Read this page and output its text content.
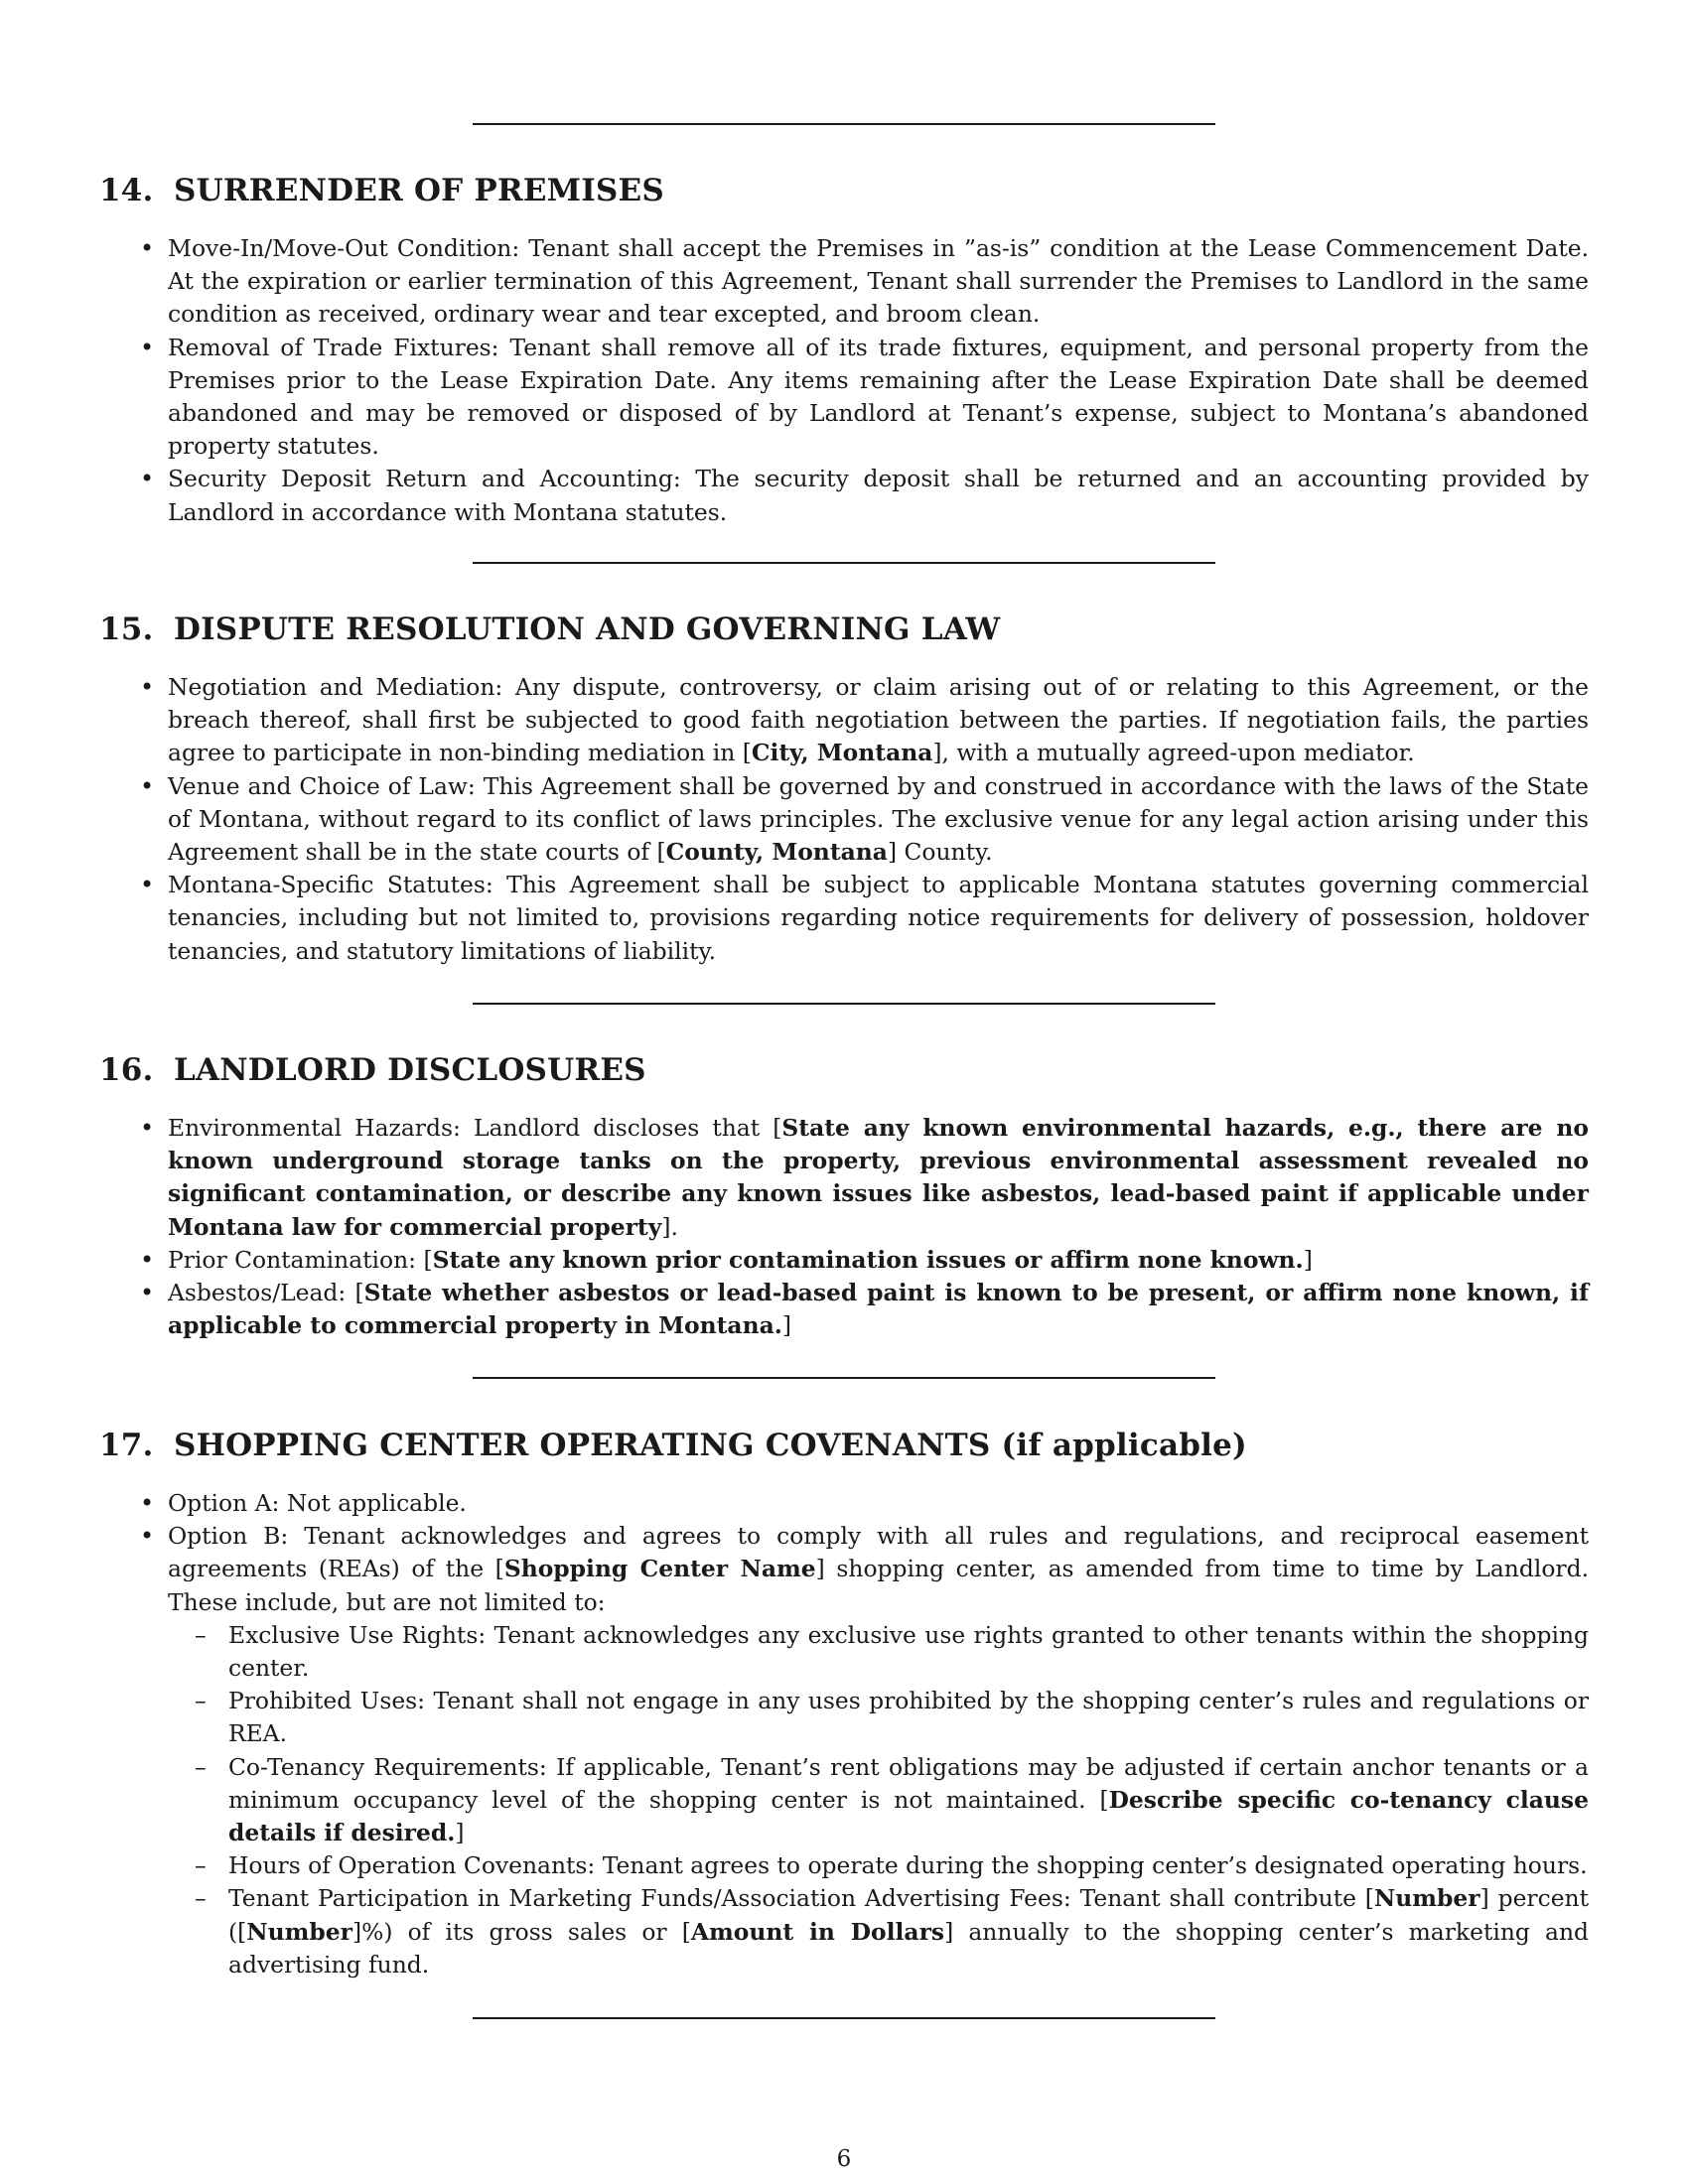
14. SURRENDER OF PREMISES
• Move-In/Move-Out Condition: Tenant shall accept the Premises in ”as-is” condition at the Lease Commencement Date. At the expiration or earlier termination of this Agreement, Tenant shall surrender the Premises to Landlord in the same condition as received, ordinary wear and tear excepted, and broom clean.
• Removal of Trade Fixtures: Tenant shall remove all of its trade fixtures, equipment, and personal property from the Premises prior to the Lease Expiration Date. Any items remaining after the Lease Expiration Date shall be deemed abandoned and may be removed or disposed of by Landlord at Tenant’s expense, subject to Montana’s abandoned property statutes.
• Security Deposit Return and Accounting: The security deposit shall be returned and an accounting provided by Landlord in accordance with Montana statutes.
15. DISPUTE RESOLUTION AND GOVERNING LAW
• Negotiation and Mediation: Any dispute, controversy, or claim arising out of or relating to this Agreement, or the breach thereof, shall first be subjected to good faith negotiation between the parties. If negotiation fails, the parties agree to participate in non-binding mediation in [City, Montana], with a mutually agreed-upon mediator.
• Venue and Choice of Law: This Agreement shall be governed by and construed in accordance with the laws of the State of Montana, without regard to its conflict of laws principles. The exclusive venue for any legal action arising under this Agreement shall be in the state courts of [County, Montana] County.
• Montana-Specific Statutes: This Agreement shall be subject to applicable Montana statutes governing commercial tenancies, including but not limited to, provisions regarding notice requirements for delivery of possession, holdover tenancies, and statutory limitations of liability.
16. LANDLORD DISCLOSURES
• Environmental Hazards: Landlord discloses that [State any known environmental hazards, e.g., there are no known underground storage tanks on the property, previous environmental assessment revealed no significant contamination, or describe any known issues like asbestos, lead-based paint if applicable under Montana law for commercial property].
• Prior Contamination: [State any known prior contamination issues or affirm none known.]
• Asbestos/Lead: [State whether asbestos or lead-based paint is known to be present, or affirm none known, if applicable to commercial property in Montana.]
17. SHOPPING CENTER OPERATING COVENANTS (if applicable)
• Option A: Not applicable.
• Option B: Tenant acknowledges and agrees to comply with all rules and regulations, and reciprocal easement agreements (REAs) of the [Shopping Center Name] shopping center, as amended from time to time by Landlord. These include, but are not limited to:
– Exclusive Use Rights: Tenant acknowledges any exclusive use rights granted to other tenants within the shopping center.
– Prohibited Uses: Tenant shall not engage in any uses prohibited by the shopping center’s rules and regulations or REA.
– Co-Tenancy Requirements: If applicable, Tenant’s rent obligations may be adjusted if certain anchor tenants or a minimum occupancy level of the shopping center is not maintained. [Describe specific co-tenancy clause details if desired.]
– Hours of Operation Covenants: Tenant agrees to operate during the shopping center’s designated operating hours.
– Tenant Participation in Marketing Funds/Association Advertising Fees: Tenant shall contribute [Number] percent ([Number]%) of its gross sales or [Amount in Dollars] annually to the shopping center’s marketing and advertising fund.
6
